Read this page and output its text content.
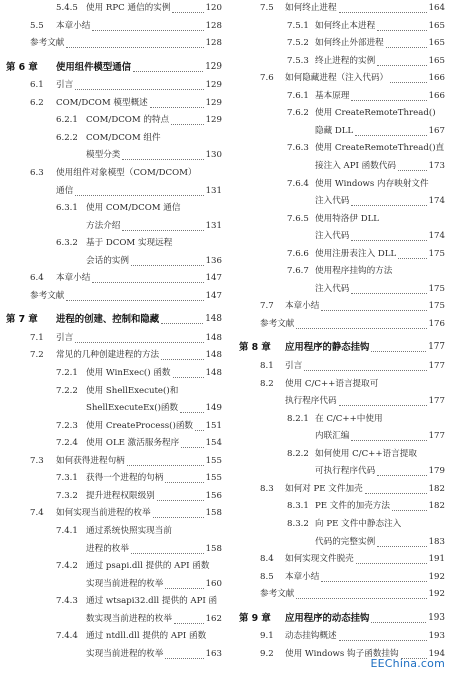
5.4.5 使用 RPC 通信的实例	120
5.5 本章小结	128
参考文献	128
第 6 章 使用组件模型通信	129
6.1 引言	129
6.2 COM/DCOM 模型概述	129
6.2.1 COM/DCOM 的特点	129
6.2.2 COM/DCOM 组件
模型分类	130
6.3 使用组件对象模型（COM/DCOM）
通信	131
6.3.1 使用 COM/DCOM 通信
方法介绍	131
6.3.2 基于 DCOM 实现远程
会话的实例	136
6.4 本章小结	147
参考文献	147
第 7 章 进程的创建、控制和隐藏	148
7.1 引言	148
7.2 常见的几种创建进程的方法	148
7.2.1 使用 WinExec() 函数	148
7.2.2 使用 ShellExecute()和
ShellExecuteEx()函数	149
7.2.3 使用 CreateProcess()函数 151
7.2.4 使用 OLE 激活服务程序	154
7.3 如何获得进程句柄	155
7.3.1 获得一个进程的句柄	155
7.3.2 提升进程权限级别	156
7.4 如何实现当前进程的枚举	158
7.4.1 通过系统快照实现当前
进程的枚举	158
7.4.2 通过 psapi.dll 提供的 API 函数
实现当前进程的枚举	160
7.4.3 通过 wtsapi32.dll 提供的 API 函
数实现当前进程的枚举	162
7.4.4 通过 ntdll.dll 提供的 API 函数
实现当前进程的枚举	163
7.5 如何终止进程	164
7.5.1 如何终止本进程	165
7.5.2 如何终止外部进程	165
7.5.3 终止进程的实例	165
7.6 如何隐藏进程（注入代码）	166
7.6.1 基本原理	166
7.6.2 使用 CreateRemoteThread()
隐藏 DLL	167
7.6.3 使用 CreateRemoteThread()直
接注入 API 函数代码	173
7.6.4 使用 Windows 内存映射文件
注入代码	174
7.6.5 使用特洛伊 DLL
注入代码	174
7.6.6 使用注册表注入 DLL	175
7.6.7 使用程序挂钩的方法
注入代码	175
7.7 本章小结	175
参考文献	176
第 8 章 应用程序的静态挂钩	177
8.1 引言	177
8.2 使用 C/C++语言提取可
执行程序代码	177
8.2.1 在 C/C++中使用
内联汇编	177
8.2.2 如何使用 C/C++语言提取
可执行程序代码	179
8.3 如何对 PE 文件加壳	182
8.3.1 PE 文件的加壳方法	182
8.3.2 向 PE 文件中静态注入
代码的完整实例	183
8.4 如何实现文件脱壳	191
8.5 本章小结	192
参考文献	192
第 9 章 应用程序的动态挂钩	193
9.1 动态挂钩概述	193
9.2 使用 Windows 钩子函数挂钩	194
EEChina.com
